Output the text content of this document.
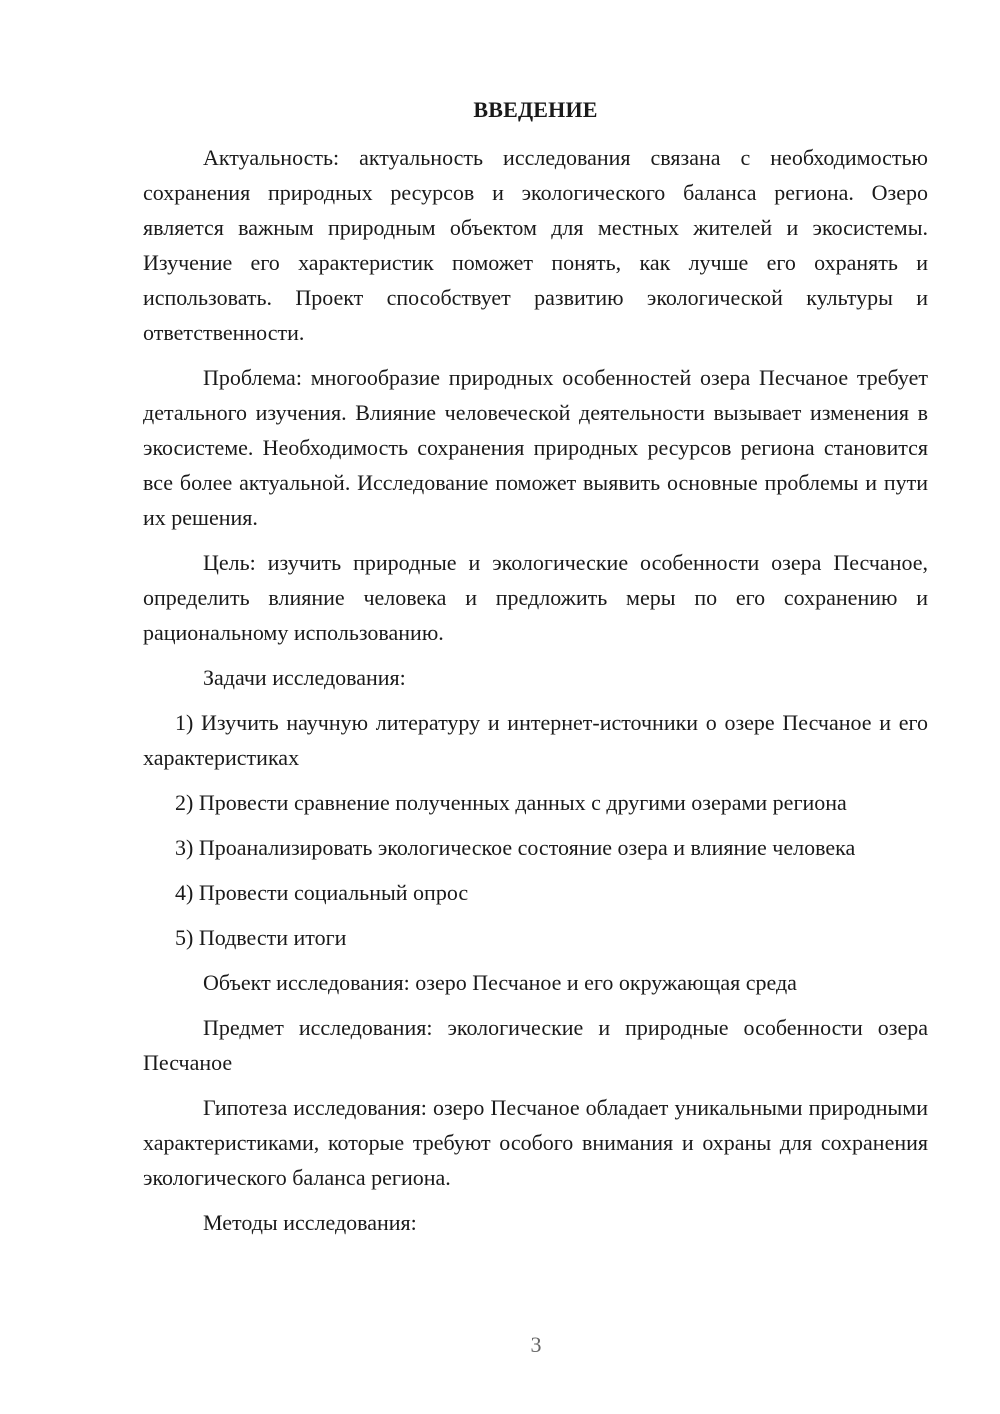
ВВЕДЕНИЕ

Актуальность: актуальность исследования связана с необходимостью сохранения природных ресурсов и экологического баланса региона. Озеро является важным природным объектом для местных жителей и экосистемы. Изучение его характеристик поможет понять, как лучше его охранять и использовать. Проект способствует развитию экологической культуры и ответственности.

Проблема: многообразие природных особенностей озера Песчаное требует детального изучения. Влияние человеческой деятельности вызывает изменения в экосистеме. Необходимость сохранения природных ресурсов региона становится все более актуальной. Исследование поможет выявить основные проблемы и пути их решения.

Цель: изучить природные и экологические особенности озера Песчаное, определить влияние человека и предложить меры по его сохранению и рациональному использованию.

Задачи исследования:

1) Изучить научную литературу и интернет-источники о озере Песчаное и его характеристиках

2) Провести сравнение полученных данных с другими озерами региона

3) Проанализировать экологическое состояние озера и влияние человека

4) Провести социальный опрос

5) Подвести итоги

Объект исследования: озеро Песчаное и его окружающая среда

Предмет исследования: экологические и природные особенности озера Песчаное

Гипотеза исследования: озеро Песчаное обладает уникальными природными характеристиками, которые требуют особого внимания и охраны для сохранения экологического баланса региона.

Методы исследования:

3
